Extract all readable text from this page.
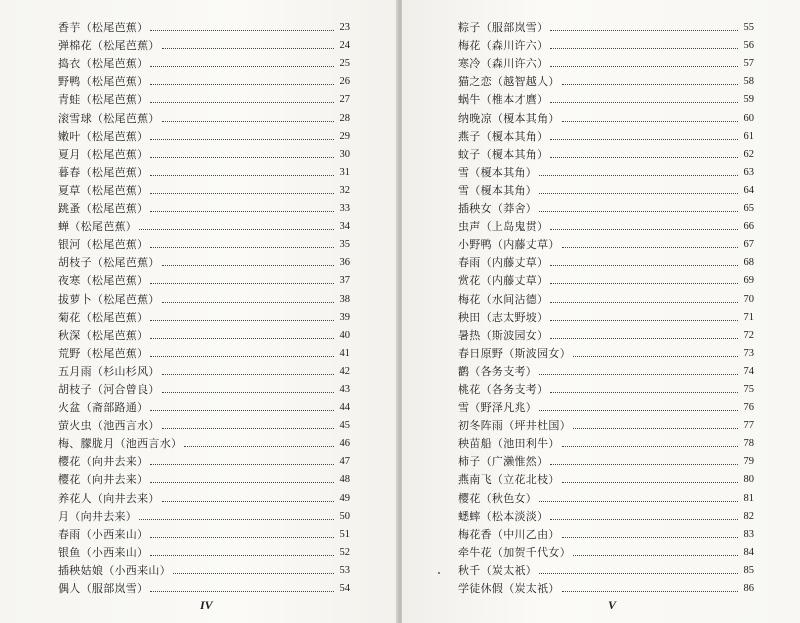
香芋（松尾芭蕉）	23
弹棉花（松尾芭蕉）	24
捣衣（松尾芭蕉）	25
野鸭（松尾芭蕉）	26
青蛙（松尾芭蕉）	27
滚雪球（松尾芭蕉）	28
嫩叶（松尾芭蕉）	29
夏月（松尾芭蕉）	30
暮春（松尾芭蕉）	31
夏草（松尾芭蕉）	32
跳蚤（松尾芭蕉）	33
蝉（松尾芭蕉）	34
银河（松尾芭蕉）	35
胡枝子（松尾芭蕉）	36
夜寒（松尾芭蕉）	37
拔萝卜（松尾芭蕉）	38
菊花（松尾芭蕉）	39
秋深（松尾芭蕉）	40
荒野（松尾芭蕉）	41
五月雨（杉山杉风）	42
胡枝子（河合曾良）	43
火盆（斋部路通）	44
萤火虫（池西言水）	45
梅、朦胧月（池西言水）	46
樱花（向井去来）	47
樱花（向井去来）	48
养花人（向井去来）	49
月（向井去来）	50
春雨（小西来山）	51
银鱼（小西来山）	52
插秧姑娘（小西来山）	53
偶人（服部岚雪）	54
IV
粽子（服部岚雪）	55
梅花（森川许六）	56
寒冷（森川许六）	57
猫之恋（越智越人）	58
蜗牛（椎本才麿）	59
纳晚凉（榎本其角）	60
燕子（榎本其角）	61
蚊子（榎本其角）	62
雪（榎本其角）	63
雪（榎本其角）	64
插秧女（莽舍）	65
虫声（上岛鬼贯）	66
小野鸭（内藤丈草）	67
春雨（内藤丈草）	68
赏花（内藤丈草）	69
梅花（水间沾德）	70
秧田（志太野坡）	71
暑热（斯波园女）	72
春日原野（斯波园女）	73
鹳（各务支考）	74
桃花（各务支考）	75
雪（野泽凡兆）	76
初冬阵雨（坪井杜国）	77
秧苗船（池田利牛）	78
柿子（广濑惟然）	79
燕南飞（立花北枝）	80
樱花（秋色女）	81
蟋蟀（松本淡淡）	82
梅花香（中川乙由）	83
牵牛花（加贺千代女）	84
秋千（炭太祇）	85
学徒休假（炭太祇）	86
V
